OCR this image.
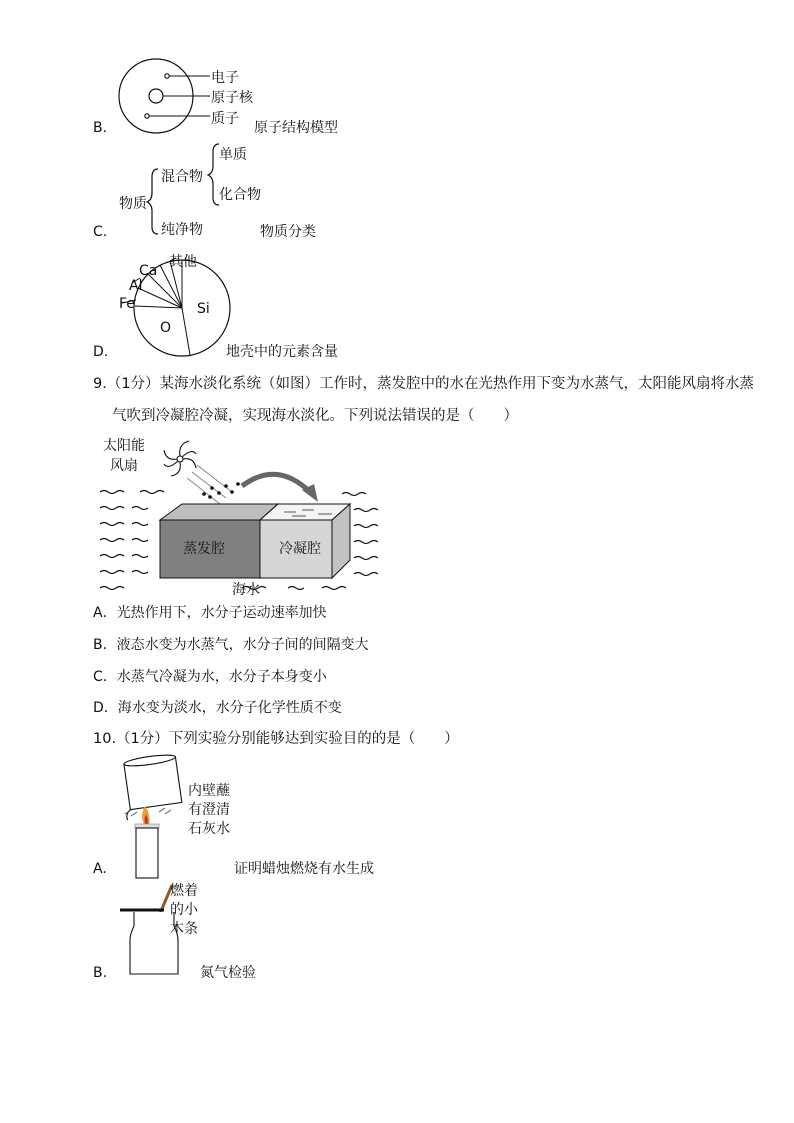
电子
原子核
质子
B.	原子结构模型
物质
混合物
纯净物
单质
化合物
C.	物质分类
其他
Ca
Al
Fe
O
Si
D.	地壳中的元素含量
9.（1分）某海水淡化系统（如图）工作时，蒸发腔中的水在光热作用下变为水蒸气，太阳能风扇将水蒸
气吹到冷凝腔冷凝，实现海水淡化。下列说法错误的是（　　）
太阳能
风扇
蒸发腔	冷凝腔
海水
A．光热作用下，水分子运动速率加快
B．液态水变为水蒸气，水分子间的间隔变大
C．水蒸气冷凝为水，水分子本身变小
D．海水变为淡水，水分子化学性质不变
10.（1分）下列实验分别能够达到实验目的的是（　　）
内壁蘸
有澄清
石灰水
A.	证明蜡烛燃烧有水生成
燃着
的小
木条
B.	氮气检验
